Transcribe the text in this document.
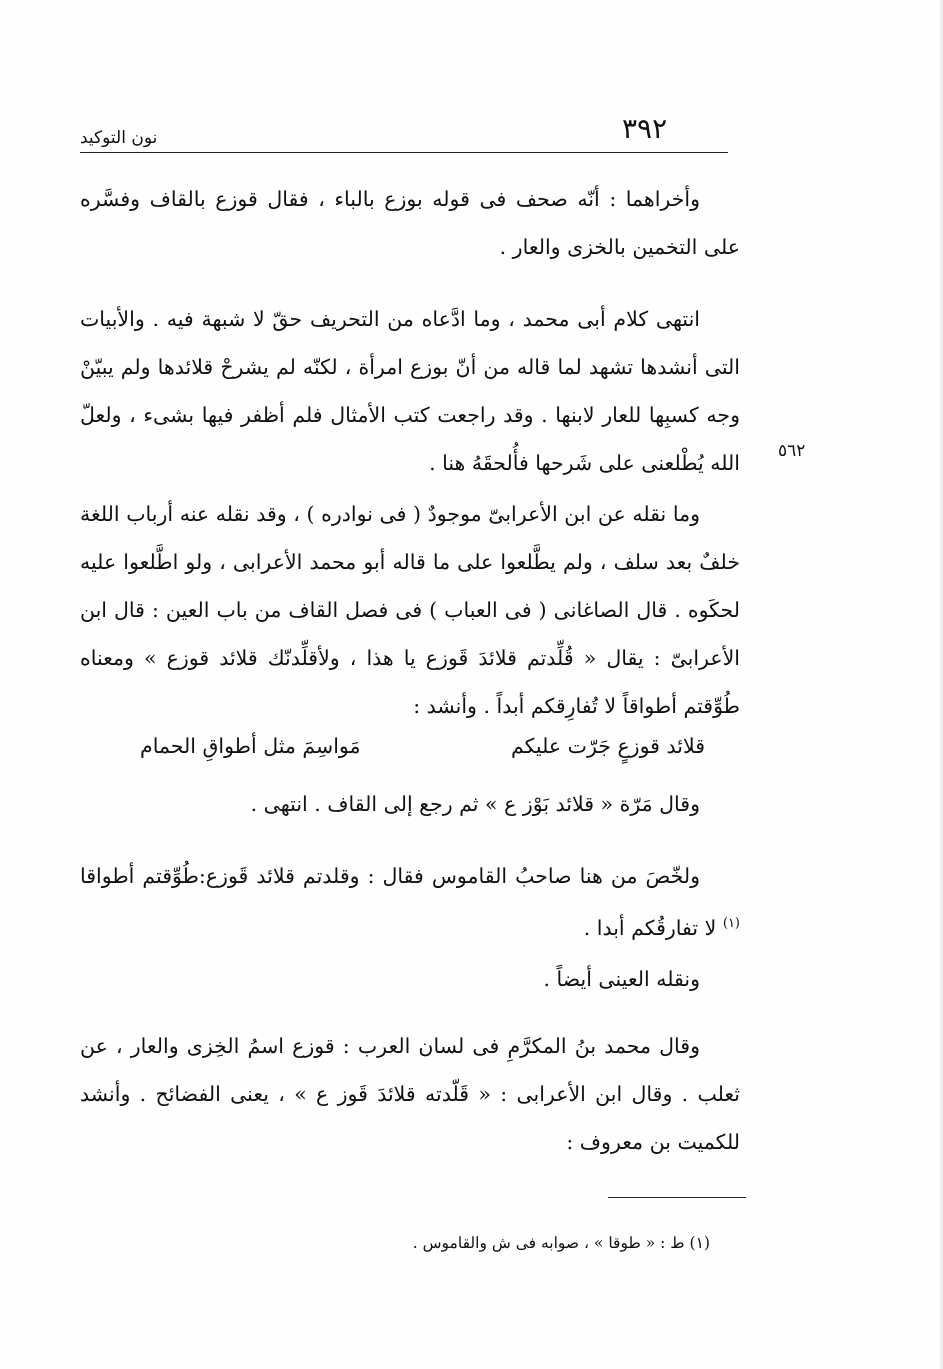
٣٩٢
نون التوكيد
٥٦٢

وأخراهما : أنّه صحف فى قوله بوزع بالباء ، فقال قوزع بالقاف وفسَّره على التخمين بالخزى والعار .

انتهى كلام أبى محمد ، وما ادَّعاه من التحريف حقّ لا شبهة فيه . والأبيات التى أنشدها تشهد لما قاله من أنّ بوزع امرأة ، لكنّه لم يشرحْ قلائدها ولم يبيّنْ وجه كسبِها للعار لابنها . وقد راجعت كتب الأمثال فلم أظفر فيها بشىء ، ولعلّ الله يُطْلعنى على شَرحها فأُلحقَهُ هنا .

وما نقله عن ابن الأعرابىّ موجودٌ ( فى نوادره ) ، وقد نقله عنه أرباب اللغة خلفٌ بعد سلف ، ولم يطَّلعوا على ما قاله أبو محمد الأعرابى ، ولو اطَّلعوا عليه لحكَوه . قال الصاغانى ( فى العباب ) فى فصل القاف من باب العين : قال ابن الأعرابىّ : يقال « قُلِّدتم قلائدَ قَوزع يا هذا ، ولأقلِّدنّك قلائد قوزع » ومعناه طُوِّقتم أطواقاً لا تُفارِقكم أبداً . وأنشد :

قلائد قوزعٍ جَرّت عليكم
مَواسِمَ مثل أطواقِ الحمام

وقال مَرّة « قلائد بَوْز ع » ثم رجع إلى القاف . انتهى .

ولخّصَ من هنا صاحبُ القاموس فقال : وقلدتم قلائد قَوزع:طُوِّقتم أطواقا $^{(١)}$ لا تفارقُكم أبدا .

ونقله العينى أيضاً .

وقال محمد بنُ المكرَّمِ فى لسان العرب : قوزع اسمُ الخِزى والعار ، عن ثعلب . وقال ابن الأعرابى : « قَلّدته قلائدَ قَوز ع » ، يعنى الفضائح . وأنشد للكميت بن معروف :

(١) ط : « طوقا » ، صوابه فى ش والقاموس .
